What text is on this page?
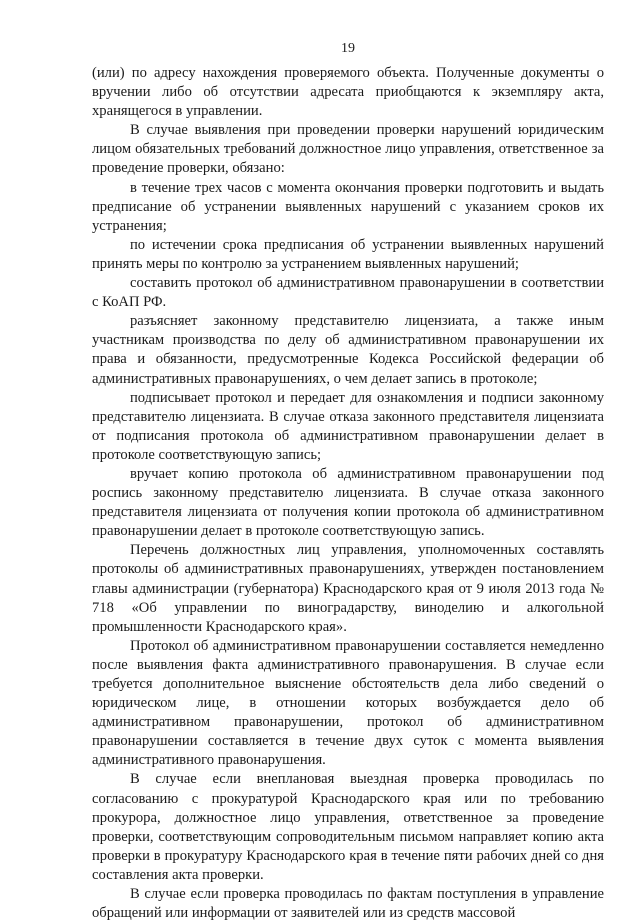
19

(или) по адресу нахождения проверяемого объекта. Полученные документы о вручении либо об отсутствии адресата приобщаются к экземпляру акта, хранящегося в управлении.

В случае выявления при проведении проверки нарушений юридическим лицом обязательных требований должностное лицо управления, ответственное за проведение проверки, обязано:

в течение трех часов с момента окончания проверки подготовить и выдать предписание об устранении выявленных нарушений с указанием сроков их устранения;

по истечении срока предписания об устранении выявленных нарушений принять меры по контролю за устранением выявленных нарушений;

составить протокол об административном правонарушении в соответствии с КоАП РФ.

разъясняет законному представителю лицензиата, а также иным участникам производства по делу об административном правонарушении их права и обязанности, предусмотренные Кодекса Российской федерации об административных правонарушениях, о чем делает запись в протоколе;

подписывает протокол и передает для ознакомления и подписи законному представителю лицензиата. В случае отказа законного представителя лицензиата от подписания протокола об административном правонарушении делает в протоколе соответствующую запись;

вручает копию протокола об административном правонарушении под роспись законному представителю лицензиата. В случае отказа законного представителя лицензиата от получения копии протокола об административном правонарушении делает в протоколе соответствующую запись.

Перечень должностных лиц управления, уполномоченных составлять протоколы об административных правонарушениях, утвержден постановлением главы администрации (губернатора) Краснодарского края от 9 июля 2013 года № 718 «Об управлении по виноградарству, виноделию и алкогольной промышленности Краснодарского края».

Протокол об административном правонарушении составляется немедленно после выявления факта административного правонарушения. В случае если требуется дополнительное выяснение обстоятельств дела либо сведений о юридическом лице, в отношении которых возбуждается дело об административном правонарушении, протокол об административном правонарушении составляется в течение двух суток с момента выявления административного правонарушения.

В случае если внеплановая выездная проверка проводилась по согласованию с прокуратурой Краснодарского края или по требованию прокурора, должностное лицо управления, ответственное за проведение проверки, соответствующим сопроводительным письмом направляет копию акта проверки в прокуратуру Краснодарского края в течение пяти рабочих дней со дня составления акта проверки.

В случае если проверка проводилась по фактам поступления в управление обращений или информации от заявителей или из средств массовой
